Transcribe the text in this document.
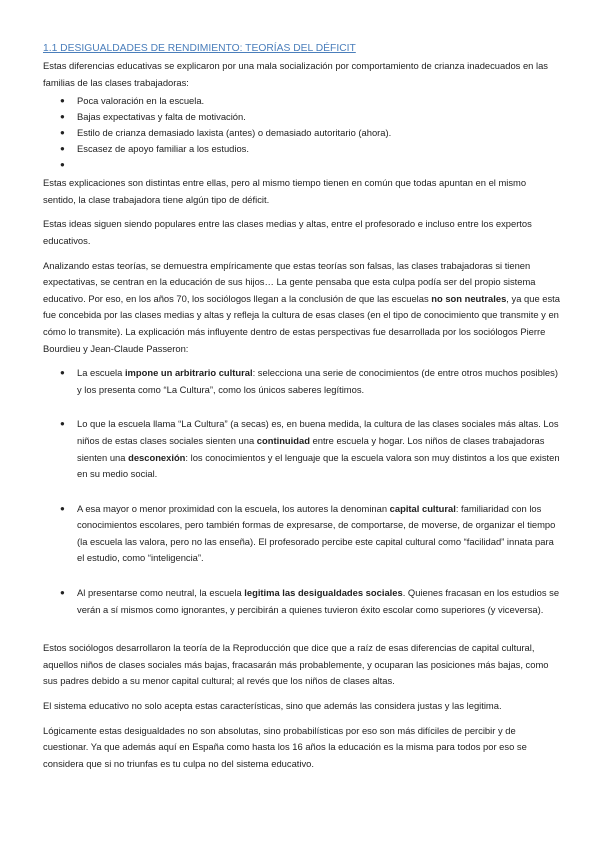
1.1 DESIGUALDADES DE RENDIMIENTO: TEORÍAS DEL DÉFICIT

Estas diferencias educativas se explicaron por una mala socialización por comportamiento de crianza inadecuados en las familias de las clases trabajadoras:

● Poca valoración en la escuela.
● Bajas expectativas y falta de motivación.
● Estilo de crianza demasiado laxista (antes) o demasiado autoritario (ahora).
● Escasez de apoyo familiar a los estudios.
●

Estas explicaciones son distintas entre ellas, pero al mismo tiempo tienen en común que todas apuntan en el mismo sentido, la clase trabajadora tiene algún tipo de déficit.

Estas ideas siguen siendo populares entre las clases medias y altas, entre el profesorado e incluso entre los expertos educativos.

Analizando estas teorías, se demuestra empíricamente que estas teorías son falsas, las clases trabajadoras si tienen expectativas, se centran en la educación de sus hijos… La gente pensaba que esta culpa podía ser del propio sistema educativo. Por eso, en los años 70, los sociólogos llegan a la conclusión de que las escuelas no son neutrales, ya que esta fue concebida por las clases medias y altas y refleja la cultura de esas clases (en el tipo de conocimiento que transmite y en cómo lo transmite). La explicación más influyente dentro de estas perspectivas fue desarrollada por los sociólogos Pierre Bourdieu y Jean-Claude Passeron:

● La escuela impone un arbitrario cultural: selecciona una serie de conocimientos (de entre otros muchos posibles) y los presenta como “La Cultura”, como los únicos saberes legítimos.
● Lo que la escuela llama “La Cultura” (a secas) es, en buena medida, la cultura de las clases sociales más altas. Los niños de estas clases sociales sienten una continuidad entre escuela y hogar. Los niños de clases trabajadoras sienten una desconexión: los conocimientos y el lenguaje que la escuela valora son muy distintos a los que existen en su medio social.
● A esa mayor o menor proximidad con la escuela, los autores la denominan capital cultural: familiaridad con los conocimientos escolares, pero también formas de expresarse, de comportarse, de moverse, de organizar el tiempo (la escuela las valora, pero no las enseña). El profesorado percibe este capital cultural como “facilidad” innata para el estudio, como “inteligencia”.
● Al presentarse como neutral, la escuela legitima las desigualdades sociales. Quienes fracasan en los estudios se verán a sí mismos como ignorantes, y percibirán a quienes tuvieron éxito escolar como superiores (y viceversa).

Estos sociólogos desarrollaron la teoría de la Reproducción que dice que a raíz de esas diferencias de capital cultural, aquellos niños de clases sociales más bajas, fracasarán más probablemente, y ocuparan las posiciones más bajas, como sus padres debido a su menor capital cultural; al revés que los niños de clases altas.

El sistema educativo no solo acepta estas características, sino que además las considera justas y las legitima.

Lógicamente estas desigualdades no son absolutas, sino probabilísticas por eso son más difíciles de percibir y de cuestionar. Ya que además aquí en España como hasta los 16 años la educación es la misma para todos por eso se considera que si no triunfas es tu culpa no del sistema educativo.
